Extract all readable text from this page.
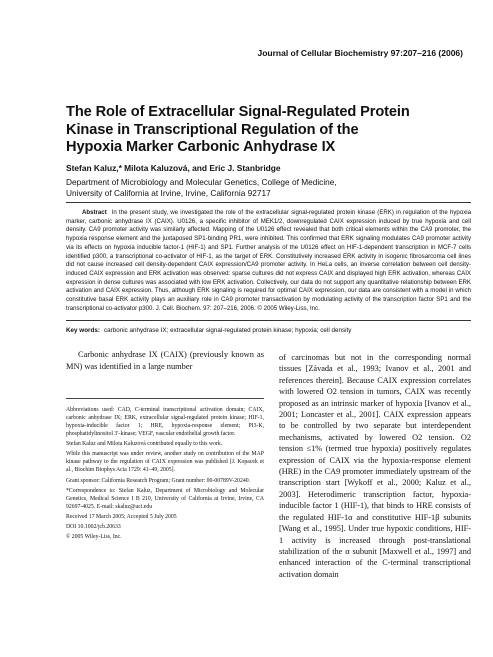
Journal of Cellular Biochemistry 97:207–216 (2006)
The Role of Extracellular Signal-Regulated Protein
Kinase in Transcriptional Regulation of the
Hypoxia Marker Carbonic Anhydrase IX
Stefan Kaluz,* Milota Kaluzová, and Eric J. Stanbridge
Department of Microbiology and Molecular Genetics, College of Medicine,
University of California at Irvine, Irvine, California 92717
Abstract In the present study, we investigated the role of the extracellular signal-regulated protein kinase (ERK) in regulation of the hypoxia marker, carbonic anhydrase IX (CAIX). U0126, a specific inhibitor of MEK1/2, downregulated CAIX expression induced by true hypoxia and cell density. CA9 promoter activity was similarly affected. Mapping of the U0126 effect revealed that both critical elements within the CA9 promoter, the hypoxia response element and the juxtaposed SP1-binding PR1, were inhibited. This confirmed that ERK signaling modulates CA9 promoter activity via its effects on hypoxia inducible factor-1 (HIF-1) and SP1. Further analysis of the U0126 effect on HIF-1-dependent transcription in MCF-7 cells identified p300, a transcriptional co-activator of HIF-1, as the target of ERK. Constitutively increased ERK activity in isogenic fibrosarcoma cell lines did not cause increased cell density-dependent CAIX expression/CA9 promoter activity. In HeLa cells, an inverse correlation between cell density-induced CAIX expression and ERK activation was observed: sparse cultures did not express CAIX and displayed high ERK activation, whereas CAIX expression in dense cultures was associated with low ERK activation. Collectively, our data do not support any quantitative relationship between ERK activation and CAIX expression. Thus, although ERK signaling is required for optimal CAIX expression, our data are consistent with a model in which constitutive basal ERK activity plays an auxiliary role in CA9 promoter transactivation by modulating activity of the transcription factor SP1 and the transcriptional co-activator p300. J. Cell. Biochem. 97: 207–216, 2006. © 2005 Wiley-Liss, Inc.
Key words: carbonic anhydrase IX; extracellular signal-regulated protein kinase; hypoxia; cell density
Carbonic anhydrase IX (CAIX) (previously known as MN) was identified in a large number

Abbreviations used: CAD, C-terminal transcriptional activation domain; CAIX, carbonic anhydrase IX; ERK, extracellular signal-regulated protein kinase; HIF-1, hypoxia-inducible factor 1; HRE, hypoxia-response element; PI3-K, phosphatidylinositol 3′-kinase; VEGF, vascular endothelial growth factor.

Stefan Kaluz and Milota Kaluzová contributed equally to this work.

While this manuscript was under review, another study on contribution of the MAP kinase pathway to the regulation of CAIX expression was published [J. Kopacek et al., Biochim Biophys Acta 1729: 41–49, 2005].

Grant sponsor: California Research Program; Grant number: 00-00789V-20240.

*Correspondence to: Stefan Kaluz, Department of Microbiology and Molecular Genetics, Medical Science I B 210, University of California at Irvine, Irvine, CA 92697-4025. E-mail: skaluz@uci.edu

Received 17 March 2005; Accepted 5 July 2005

DOI 10.1002/jcb.20633

© 2005 Wiley-Liss, Inc.

of carcinomas but not in the corresponding normal tissues [Závada et al., 1993; Ivanov et al., 2001 and references therein]. Because CAIX expression correlates with lowered O2 tension in tumors, CAIX was recently proposed as an intrinsic marker of hypoxia [Ivanov et al., 2001; Loncaster et al., 2001]. CAIX expression appears to be controlled by two separate but interdependent mechanisms, activated by lowered O2 tension. O2 tension ≤1% (termed true hypoxia) positively regulates expression of CAIX via the hypoxia-response element (HRE) in the CA9 promoter immediately upstream of the transcription start [Wykoff et al., 2000; Kaluz et al., 2003]. Heterodimeric transcription factor, hypoxia-inducible factor 1 (HIF-1), that binds to HRE consists of the regulated HIF-1α and constitutive HIF-1β subunits [Wang et al., 1995]. Under true hypoxic conditions, HIF-1 activity is increased through post-translational stabilization of the α subunit [Maxwell et al., 1997] and enhanced interaction of the C-terminal transcriptional activation domain
